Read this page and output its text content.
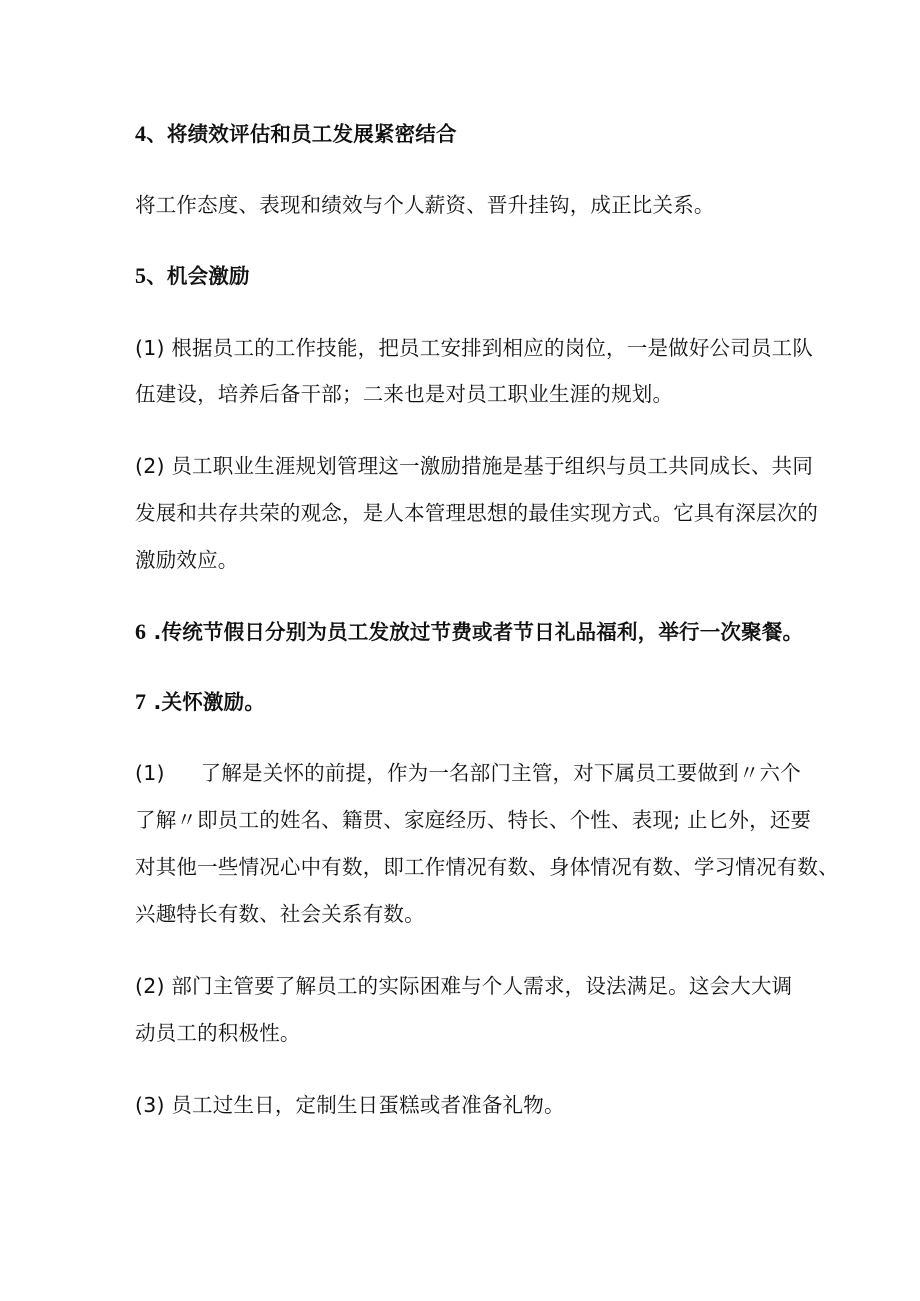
4、将绩效评估和员工发展紧密结合
将工作态度、表现和绩效与个人薪资、晋升挂钩，成正比关系。
5、机会激励
(1) 根据员工的工作技能，把员工安排到相应的岗位，一是做好公司员工队
伍建设，培养后备干部；二来也是对员工职业生涯的规划。
(2) 员工职业生涯规划管理这一激励措施是基于组织与员工共同成长、共同
发展和共存共荣的观念，是人本管理思想的最佳实现方式。它具有深层次的
激励效应。
6 .传统节假日分别为员工发放过节费或者节日礼品福利，举行一次聚餐。
7 .关怀激励。
(1) 了解是关怀的前提，作为一名部门主管，对下属员工要做到〃六个
了解〃即员工的姓名、籍贯、家庭经历、特长、个性、表现; 止匕外，还要
对其他一些情况心中有数，即工作情况有数、身体情况有数、学习情况有数、
兴趣特长有数、社会关系有数。
(2) 部门主管要了解员工的实际困难与个人需求，设法满足。这会大大调
动员工的积极性。
(3) 员工过生日，定制生日蛋糕或者准备礼物。
